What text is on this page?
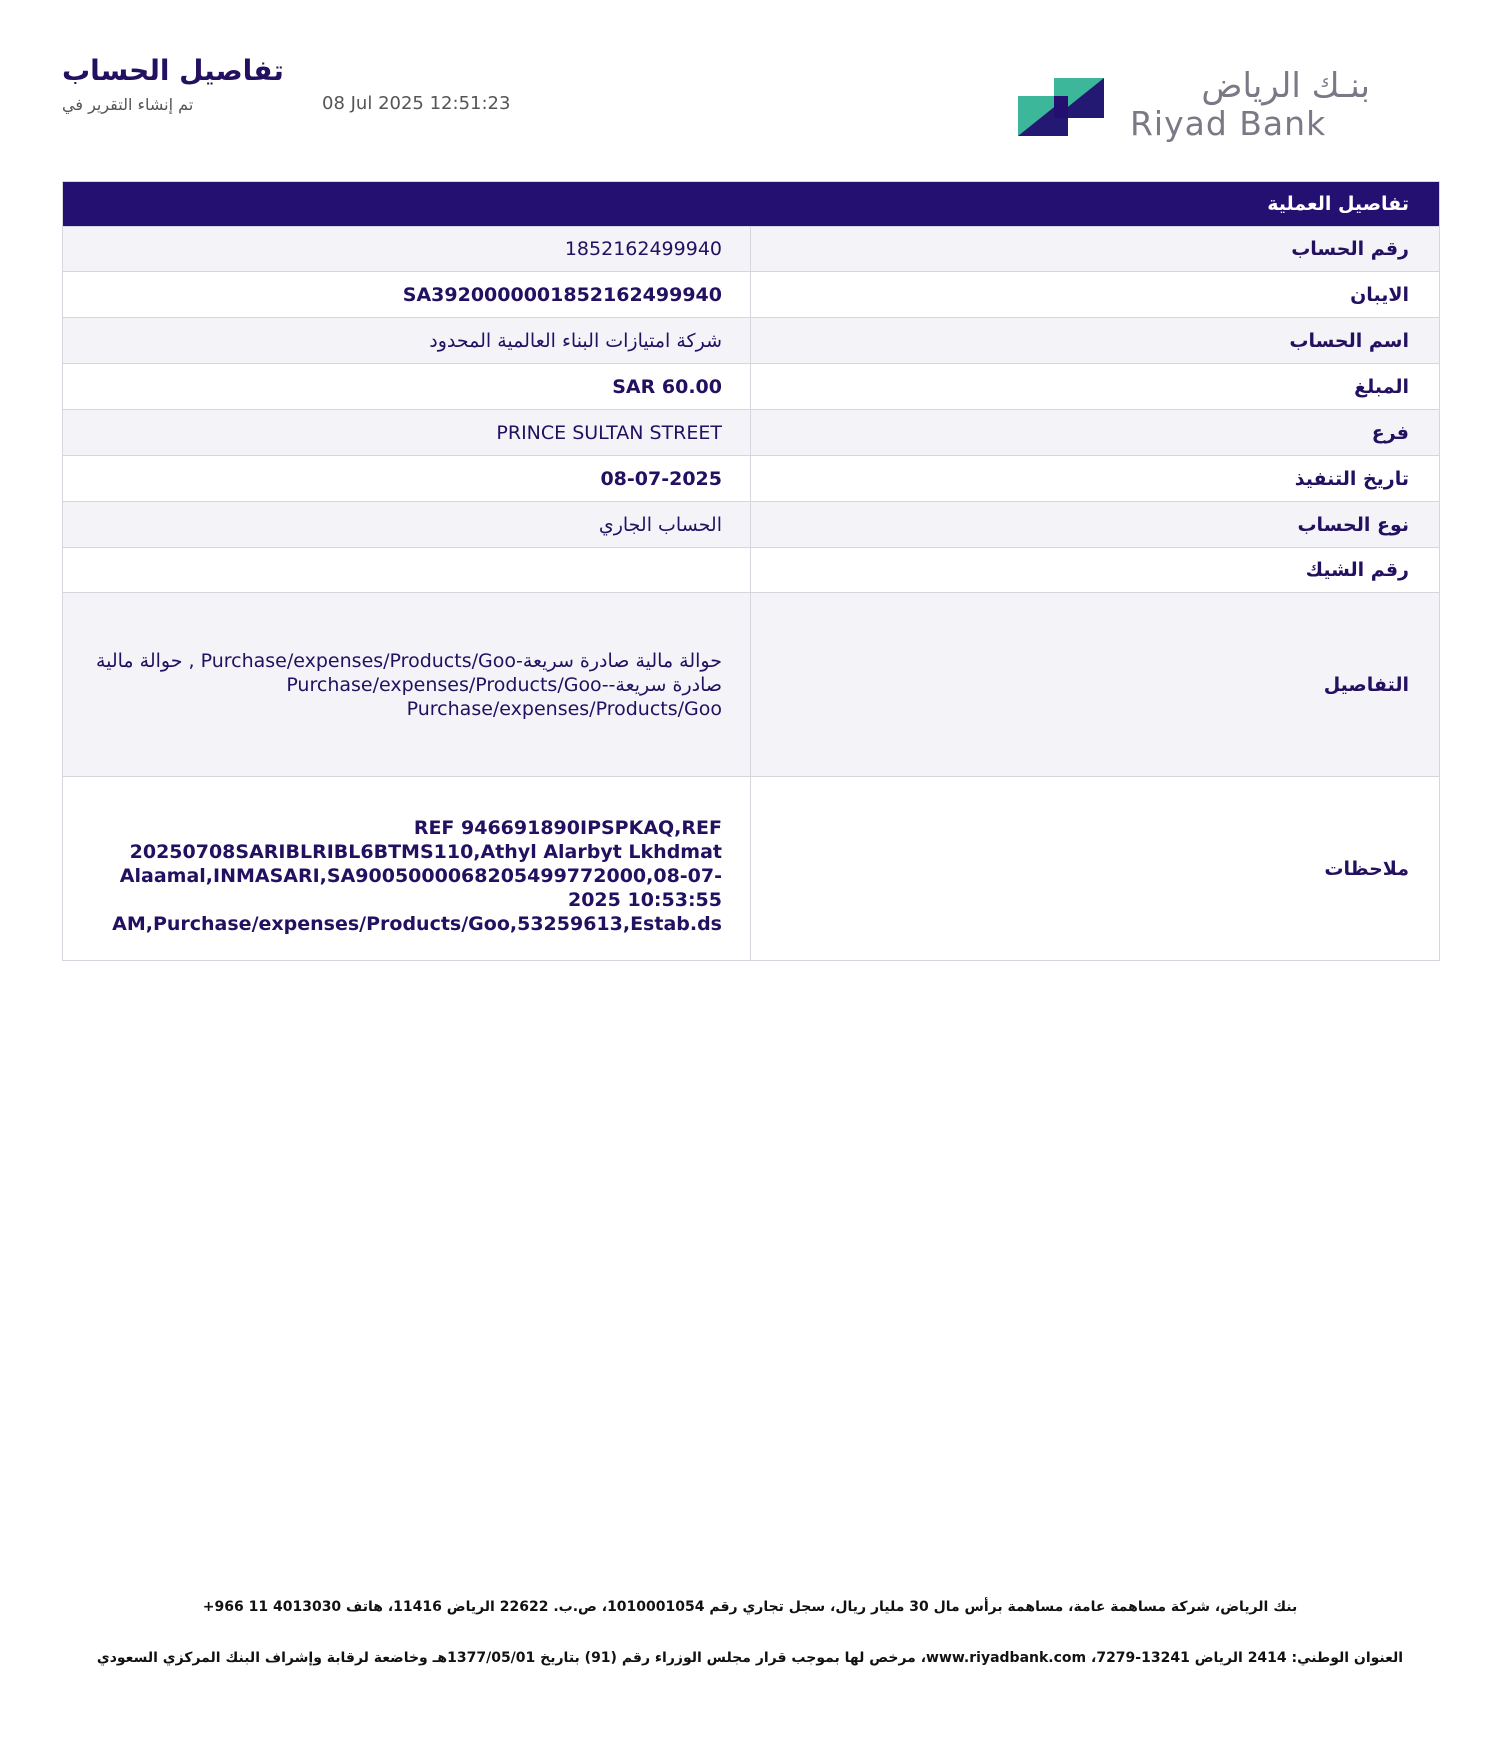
تفاصيل الحساب
تم إنشاء التقرير في	08 Jul 2025 12:51:23	بنـك الرياض
Riyad Bank
تفاصيل العملية
رقم الحساب
1852162499940
الايبان
SA3920000001852162499940
اسم الحساب
شركة امتيازات البناء العالمية المحدود
المبلغ
60.00 SAR
فرع
PRINCE SULTAN STREET
تاريخ التنفيذ
08-07-2025
نوع الحساب
الحساب الجاري
رقم الشيك
التفاصيل
حوالة مالية صادرة سريعة-Purchase/expenses/Products/Goo , حوالة مالية صادرة سريعة--Purchase/expenses/Products/Goo Purchase/expenses/Products/Goo
ملاحظات
REF 946691890IPSPKAQ,REF 20250708SARIBLRIBL6BTMS110,Athyl Alarbyt Lkhdmat Alaamal,INMASARI,SA9005000068205499772000,08-07-2025 10:53:55 AM,Purchase/expenses/Products/Goo,53259613,Estab.ds
بنك الرياض، شركة مساهمة عامة، مساهمة برأس مال 30 مليار ريال، سجل تجاري رقم 1010001054، ص.ب. 22622 الرياض 11416، هاتف 4013030 11 966+
العنوان الوطني: 2414 الرياض 13241-7279، www.riyadbank.com، مرخص لها بموجب قرار مجلس الوزراء رقم (91) بتاريخ 1377/05/01هـ وخاضعة لرقابة وإشراف البنك المركزي السعودي
